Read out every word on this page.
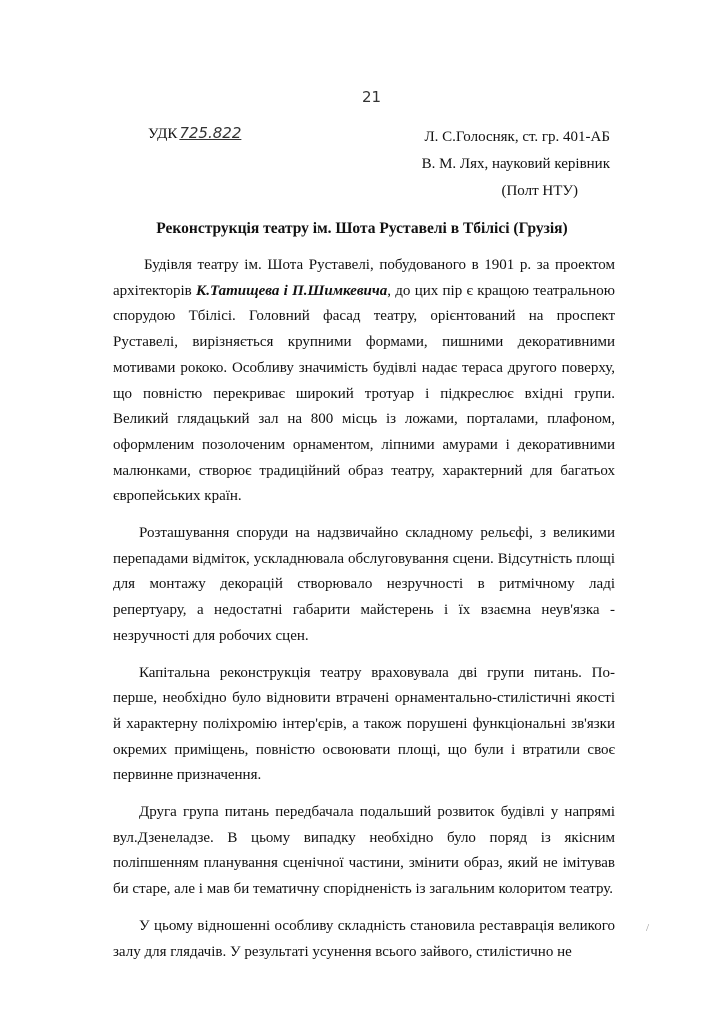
21
УДК 725.822	Л. С.Голосняк, ст. гр. 401-АБ
В. М. Лях, науковий керівник
(Полт НТУ)
Реконструкція театру ім. Шота Руставелі в Тбілісі (Грузія)

Будівля театру ім. Шота Руставелі, побудованого в 1901 р. за проектом архітекторів К.Татищева і П.Шимкевича, до цих пір є кращою театральною спорудою Тбілісі. Головний фасад театру, орієнтований на проспект Руставелі, вирізняється крупними формами, пишними декоративними мотивами рококо. Особливу значимість будівлі надає тераса другого поверху, що повністю перекриває широкий тротуар і підкреслює вхідні групи. Великий глядацький зал на 800 місць із ложами, порталами, плафоном, оформленим позолоченим орнаментом, ліпними амурами і декоративними малюнками, створює традиційний образ театру, характерний для багатьох європейських країн.

Розташування споруди на надзвичайно складному рельєфі, з великими перепадами відміток, ускладнювала обслуговування сцени. Відсутність площі для монтажу декорацій створювало незручності в ритмічному ладі репертуару, а недостатні габарити майстерень і їх взаємна неув'язка - незручності для робочих сцен.

Капітальна реконструкція театру враховувала дві групи питань. По-перше, необхідно було відновити втрачені орнаментально-стилістичні якості й характерну поліхромію інтер'єрів, а також порушені функціональні зв'язки окремих приміщень, повністю освоювати площі, що були і втратили своє первинне призначення.

Друга група питань передбачала подальший розвиток будівлі у напрямі вул.Дзенеладзе. В цьому випадку необхідно було поряд із якісним поліпшенням планування сценічної частини, змінити образ, який не імітував би старе, але і мав би тематичну спорідненість із загальним колоритом театру.

У цьому відношенні особливу складність становила реставрація великого залу для глядачів. У результаті усунення всього зайвого, стилістично не

/
